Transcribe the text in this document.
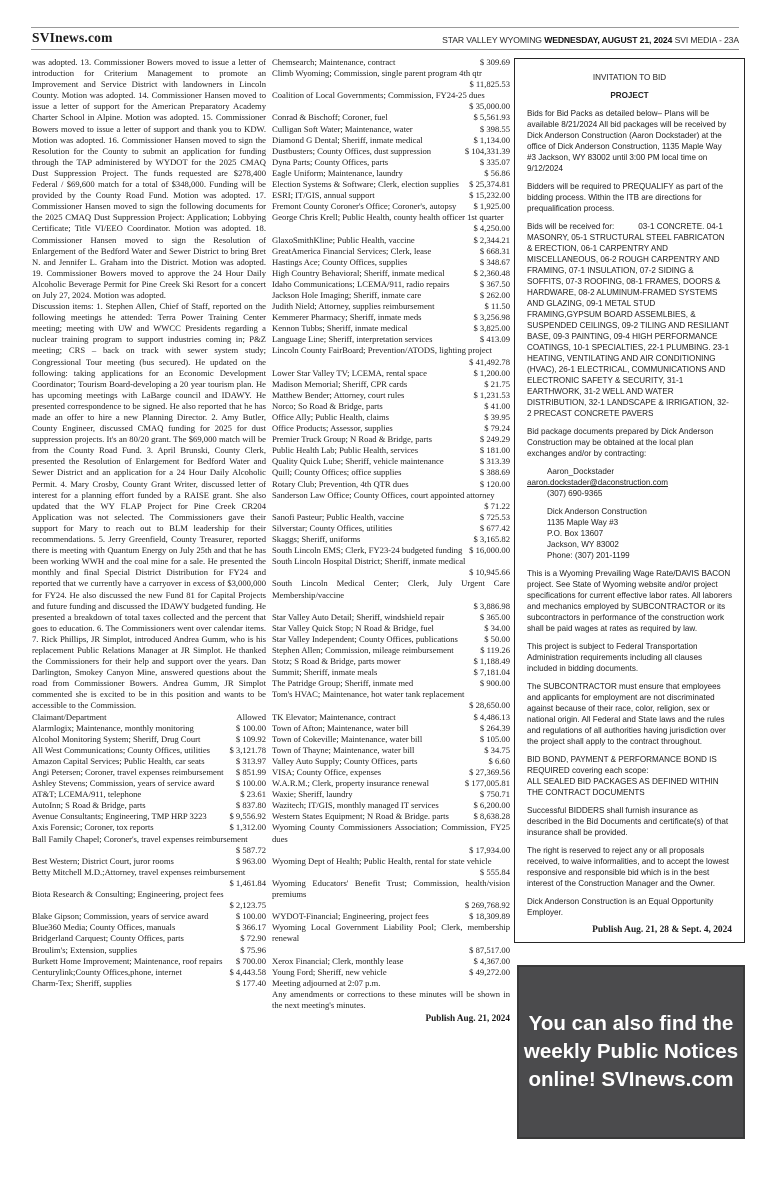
SVInews.com	STAR VALLEY WYOMING WEDNESDAY, AUGUST 21, 2024 SVI MEDIA - 23A

was adopted. 13. Commissioner Bowers moved to issue a letter of introduction for Criterium Management to promote an Improvement and Service District with landowners in Lincoln County. Motion was adopted. 14. Commissioner Hansen moved to issue a letter of support for the American Preparatory Academy Charter School in Alpine. Motion was adopted. 15. Commissioner Bowers moved to issue a letter of support and thank you to KDW. Motion was adopted. 16. Commissioner Hansen moved to sign the Resolution for the County to submit an application for funding through the TAP administered by WYDOT for the 2025 CMAQ Dust Suppression Project. The funds requested are $278,400 Federal / $69,600 match for a total of $348,000. Funding will be provided by the County Road Fund. Motion was adopted. 17. Commissioner Hansen moved to sign the following documents for the 2025 CMAQ Dust Suppression Project: Application; Lobbying Certificate; Title VI/EEO Coordinator. Motion was adopted. 18. Commissioner Hansen moved to sign the Resolution of Enlargement of the Bedford Water and Sewer District to bring Bret N. and Jennifer L. Graham into the District. Motion was adopted. 19. Commissioner Bowers moved to approve the 24 Hour Daily Alcoholic Beverage Permit for Pine Creek Ski Resort for a concert on July 27, 2024. Motion was adopted.

Discussion items: 1. Stephen Allen, Chief of Staff, reported on the following meetings he attended: Terra Power Training Center meeting; meeting with UW and WWCC Presidents regarding a nuclear training program to support industries coming in; P&Z meeting; CRS – back on track with sewer system study; Congressional Tour meeting (bus secured). He updated on the following: taking applications for an Economic Development Coordinator; Tourism Board-developing a 20 year tourism plan. He has upcoming meetings with LaBarge council and IDAWY. He presented correspondence to be signed. He also reported that he has made an offer to hire a new Planning Director. 2. Amy Butler, County Engineer, discussed CMAQ funding for 2025 for dust suppression projects. It's an 80/20 grant. The $69,000 match will be from the County Road Fund. 3. April Brunski, County Clerk, presented the Resolution of Enlargement for Bedford Water and Sewer District and an application for a 24 Hour Daily Alcoholic Permit. 4. Mary Crosby, County Grant Writer, discussed letter of interest for a planning effort funded by a RAISE grant. She also updated that the WY FLAP Project for Pine Creek CR204 Application was not selected. The Commissioners gave their support for Mary to reach out to BLM leadership for their recommendations. 5. Jerry Greenfield, County Treasurer, reported there is meeting with Quantum Energy on July 25th and that he has been working WWH and the coal mine for a sale. He presented the monthly and final Special District Distribution for FY24 and reported that we currently have a carryover in excess of $3,000,000 for FY24. He also discussed the new Fund 81 for Capital Projects and future funding and discussed the IDAWY budgeted funding. He presented a breakdown of total taxes collected and the percent that goes to education. 6. The Commissioners went over calendar items. 7. Rick Phillips, JR Simplot, introduced Andrea Gumm, who is his replacement Public Relations Manager at JR Simplot. He thanked the Commissioners for their help and support over the years. Dan Darlington, Smokey Canyon Mine, answered questions about the road from Commissioner Bowers. Andrea Gumm, JR Simplot commented she is excited to be in this position and wants to be accessible to the Commission.

Claimant/Department	Allowed
Alarmlogix; Maintenance, monthly monitoring	$ 100.00
Alcohol Monitoring System; Sheriff, Drug Court	$ 109.92
All West Communications; County Offices, utilities	$ 3,121.78
Amazon Capital Services; Public Health, car seats	$ 313.97
Angi Petersen; Coroner, travel expenses reimbursement	$ 851.99
Ashley Stevens; Commission, years of service award	$ 100.00
AT&T; LCEMA/911, telephone	$ 23.61
AutoInn; S Road & Bridge, parts	$ 837.80
Avenue Consultants; Engineering, TMP HRP 3223	$ 9,556.92
Axis Forensic; Coroner, tox reports	$ 1,312.00
Ball Family Chapel; Coroner's, travel expenses reimbursement
$ 587.72
Best Western; District Court, juror rooms	$ 963.00
Betty Mitchell M.D.;Attorney, travel expenses reimbursement
$ 1,461.84
Biota Research & Consulting; Engineering, project fees
$ 2,123.75
Blake Gipson; Commission, years of service award	$ 100.00
Blue360 Media; County Offices, manuals	$ 366.17
Bridgerland Carquest; County Offices, parts	$ 72.90
Broulim's; Extension, supplies	$ 75.96
Burkett Home Improvement; Maintenance, roof repairs	$ 700.00
Centurylink;County Offices,phone, internet	$ 4,443.58
Charm-Tex; Sheriff, supplies	$ 177.40
Chemsearch; Maintenance, contract	$ 309.69
Climb Wyoming; Commission, single parent program 4th qtr
$ 11,825.53
Coalition of Local Governments; Commission, FY24-25 dues
$ 35,000.00
Conrad & Bischoff; Coroner, fuel	$ 5,561.93
Culligan Soft Water; Maintenance, water	$ 398.55
Diamond G Dental; Sheriff, inmate medical	$ 1,134.00
Dustbusters; County Offices, dust suppression	$ 104,331.39
Dyna Parts; County Offices, parts	$ 335.07
Eagle Uniform; Maintenance, laundry	$ 56.86
Election Systems & Software; Clerk, election supplies	$ 25,374.81
ESRI; IT/GIS, annual support	$ 15,232.00
Fremont County Coroner's Office; Coroner's, autopsy	$ 1,925.00
George Chris Krell; Public Health, county health officer 1st quarter
$ 4,250.00
GlaxoSmithKline; Public Health, vaccine	$ 2,344.21
GreatAmerica Financial Services; Clerk, lease	$ 668.31
Hastings Ace; County Offices, supplies	$ 348.67
High Country Behavioral; Sheriff, inmate medical	$ 2,360.48
Idaho Communications; LCEMA/911, radio repairs	$ 367.50
Jackson Hole Imaging; Sheriff, inmate care	$ 262.00
Judith Nield; Attorney, supplies reimbursement	$ 11.50
Kemmerer Pharmacy; Sheriff, inmate meds	$ 3,256.98
Kennon Tubbs; Sheriff, inmate medical	$ 3,825.00
Language Line; Sheriff, interpretation services	$ 413.09
Lincoln County FairBoard; Prevention/ATODS, lighting project
$ 41,492.78
Lower Star Valley TV; LCEMA, rental space	$ 1,200.00
Madison Memorial; Sheriff, CPR cards	$ 21.75
Matthew Bender; Attorney, court rules	$ 1,231.53
Norco; So Road & Bridge, parts	$ 41.00
Office Ally; Public Health, claims	$ 39.95
Office Products; Assessor, supplies	$ 79.24
Premier Truck Group; N Road & Bridge, parts	$ 249.29
Public Health Lab; Public Health, services	$ 181.00
Quality Quick Lube; Sheriff, vehicle maintenance	$ 313.39
Quill; County Offices; office supplies	$ 388.69
Rotary Club; Prevention, 4th QTR dues	$ 120.00
Sanderson Law Office; County Offices, court appointed attorney
$ 71.22
Sanofi Pasteur; Public Health, vaccine	$ 725.53
Silverstar; County Offices, utilities	$ 677.42
Skaggs; Sheriff, uniforms	$ 3,165.82
South Lincoln EMS; Clerk, FY23-24 budgeted funding $ 16,000.00
South Lincoln Hospital District; Sheriff, inmate medical
$ 10,945.66
South Lincoln Medical Center; Clerk, July Urgent Care Membership/vaccine
$ 3,886.98
Star Valley Auto Detail; Sheriff, windshield repair	$ 365.00
Star Valley Quick Stop; N Road & Bridge, fuel	$ 34.00
Star Valley Independent; County Offices, publications	$ 50.00
Stephen Allen; Commission, mileage reimbursement	$ 119.26
Stotz; S Road & Bridge, parts mower	$ 1,188.49
Summit; Sheriff, inmate meals	$ 7,181.04
The Patridge Group; Sheriff, inmate med	$ 900.00
Tom's HVAC; Maintenance, hot water tank replacement
$ 28,650.00
TK Elevator; Maintenance, contract	$ 4,486.13
Town of Afton; Maintenance, water bill	$ 264.39
Town of Cokeville; Maintenance, water bill	$ 105.00
Town of Thayne; Maintenance, water bill	$ 34.75
Valley Auto Supply; County Offices, parts	$ 6.60
VISA; County Office, expenses	$ 27,369.56
W.A.R.M.; Clerk, property insurance renewal	$ 177,005.81
Waxie; Sheriff, laundry	$ 750.71
Wazitech; IT/GIS, monthly managed IT services	$ 6,200.00
Western States Equipment; N Road & Bridge. parts	$ 8,638.28
Wyoming County Commissioners Association; Commission, FY25 dues
$ 17,934.00
Wyoming Dept of Health; Public Health, rental for state vehicle
$ 555.84
Wyoming Educators' Benefit Trust; Commission, health/vision premiums
$ 269,768.92
WYDOT-Financial; Engineering, project fees	$ 18,309.89
Wyoming Local Government Liability Pool; Clerk, membership renewal
$ 87,517.00
Xerox Financial; Clerk, monthly lease	$ 4,367.00
Young Ford; Sheriff, new vehicle	$ 49,272.00

Meeting adjourned at 2:07 p.m.

Any amendments or corrections to these minutes will be shown in the next meeting's minutes.

Publish Aug. 21, 2024

INVITATION TO BID

PROJECT

Bids for Bid Packs as detailed below– Plans will be available 8/21/2024 All bid packages will be received by Dick Anderson Construction (Aaron Dockstader) at the office of Dick Anderson Construction, 1135 Maple Way #3 Jackson, WY 83002 until 3:00 PM local time on 9/12/2024

Bidders will be required to PREQUALIFY as part of the bidding process. Within the ITB are directions for prequalification process.

Bids will be received for:	03-1 CONCRETE. 04-1 MASONRY, 05-1 STRUCTURAL STEEL FABRICATON & ERECTION, 06-1 CARPENTRY AND MISCELLANEOUS, 06-2 ROUGH CARPENTRY AND FRAMING, 07-1 INSULATION, 07-2 SIDING & SOFFITS, 07-3 ROOFING, 08-1 FRAMES, DOORS & HARDWARE, 08-2 ALUMINUM-FRAMED SYSTEMS AND GLAZING, 09-1 METAL STUD FRAMING,GYPSUM BOARD ASSEMLBIES, & SUSPENDED CEILINGS, 09-2 TILING AND RESILIANT BASE, 09-3 PAINTING, 09-4 HIGH PERFORMANCE COATINGS, 10-1 SPECIALTIES, 22-1 PLUMBING. 23-1 HEATING, VENTILATING AND AIR CONDITIONING (HVAC), 26-1 ELECTRICAL, COMMUNICATIONS AND ELECTRONIC SAFETY & SECURITY, 31-1 EARTHWORK, 31-2 WELL AND WATER DISTRIBUTION, 32-1 LANDSCAPE & IRRIGATION, 32-2 PRECAST CONCRETE PAVERS

Bid package documents prepared by Dick Anderson Construction may be obtained at the local plan exchanges and/or by contracting:

Aaron_Dockstader
aaron.dockstader@daconstruction.com
(307) 690-9365
Dick Anderson Construction
1135 Maple Way #3
P.O. Box 13607
Jackson, WY 83002
Phone: (307) 201-1199

This is a Wyoming Prevailing Wage Rate/DAVIS BACON project. See State of Wyoming website and/or project specifications for current effective labor rates. All laborers and mechanics employed by SUBCONTRACTOR or its subcontractors in performance of the construction work shall be paid wages at rates as required by law.

This project is subject to Federal Transportation Administration requirements including all clauses included in bidding documents.

The SUBCONTRACTOR must ensure that employees and applicants for employment are not discriminated against because of their race, color, religion, sex or national origin. All Federal and State laws and the rules and regulations of all authorities having jurisdiction over the project shall apply to the contract throughout.

BID BOND, PAYMENT & PERFORMANCE BOND IS REQUIRED covering each scope:

ALL SEALED BID PACKAGES AS DEFINED WITHIN THE CONTRACT DOCUMENTS

Successful BIDDERS shall furnish insurance as described in the Bid Documents and certificate(s) of that insurance shall be provided.

The right is reserved to reject any or all proposals received, to waive informalities, and to accept the lowest responsive and responsible bid which is in the best interest of the Construction Manager and the Owner.

Dick Anderson Construction is an Equal Opportunity Employer.

Publish Aug. 21, 28 & Sept. 4, 2024
You can also find the
weekly Public Notices
online! SVInews.com
